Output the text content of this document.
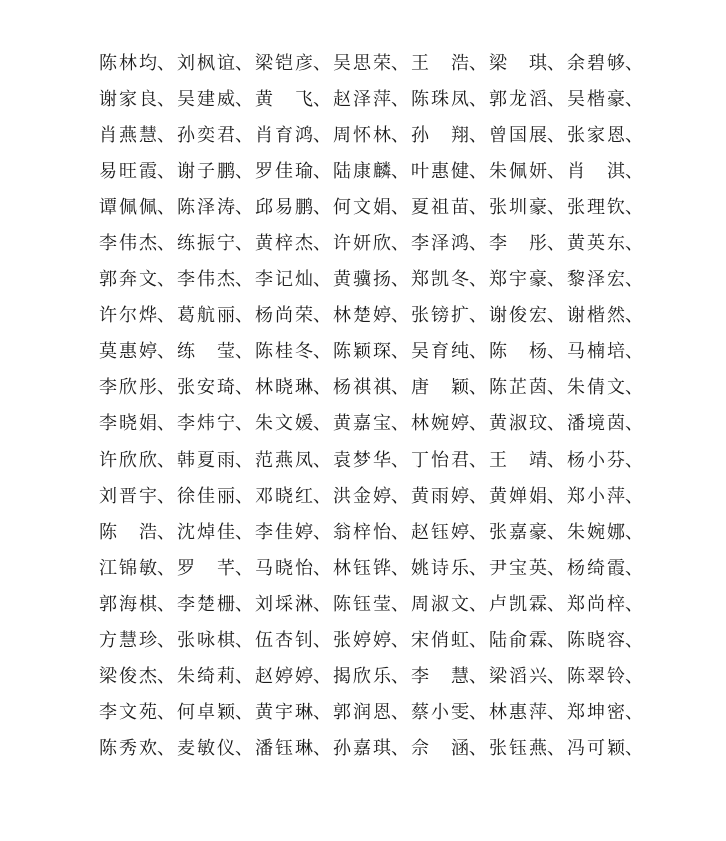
陈林均 、 刘枫谊 、 梁铠彦 、 吴思荣 、 王浩 、 梁琪 、 余碧够 、
谢家良 、 吴建威 、 黄飞 、 赵泽萍 、 陈珠凤 、 郭龙滔 、 吴楷豪 、
肖燕慧 、 孙奕君 、 肖育鸿 、 周怀林 、 孙翔 、 曾国展 、 张家恩 、
易旺霞 、 谢子鹏 、 罗佳瑜 、 陆康麟 、 叶惠健 、 朱佩妍 、 肖淇 、
谭佩佩 、 陈泽涛 、 邱易鹏 、 何文娟 、 夏祖苗 、 张圳豪 、 张理钦 、
李伟杰 、 练振宁 、 黄梓杰 、 许妍欣 、 李泽鸿 、 李彤 、 黄英东 、
郭奔文 、 李伟杰 、 李记灿 、 黄骥扬 、 郑凯冬 、 郑宇豪 、 黎泽宏 、
许尔烨 、 葛航丽 、 杨尚荣 、 林楚婷 、 张镑扩 、 谢俊宏 、 谢楷然 、
莫惠婷 、 练莹 、 陈桂冬 、 陈颖琛 、 吴育纯 、 陈杨 、 马楠培 、
李欣彤 、 张安琦 、 林晓琳 、 杨祺祺 、 唐颖 、 陈芷茵 、 朱倩文 、
李晓娟 、 李炜宁 、 朱文媛 、 黄嘉宝 、 林婉婷 、 黄淑玟 、 潘境茵 、
许欣欣 、 韩夏雨 、 范燕凤 、 袁梦华 、 丁怡君 、 王靖 、 杨小芬 、
刘晋宇 、 徐佳丽 、 邓晓红 、 洪金婷 、 黄雨婷 、 黄婵娟 、 郑小萍 、
陈浩 、 沈焯佳 、 李佳婷 、 翁梓怡 、 赵钰婷 、 张嘉豪 、 朱婉娜 、
江锦敏 、 罗芊 、 马晓怡 、 林钰铧 、 姚诗乐 、 尹宝英 、 杨绮霞 、
郭海棋 、 李楚栅 、 刘埰淋 、 陈钰莹 、 周淑文 、 卢凯霖 、 郑尚梓 、
方慧珍 、 张咏棋 、 伍杏钊 、 张婷婷 、 宋俏虹 、 陆俞霖 、 陈晓容 、
梁俊杰 、 朱绮莉 、 赵婷婷 、 揭欣乐 、 李慧 、 梁滔兴 、 陈翠铃 、
李文苑 、 何卓颖 、 黄宇琳 、 郭润恩 、 蔡小雯 、 林惠萍 、 郑坤密 、
陈秀欢 、 麦敏仪 、 潘钰琳 、 孙嘉琪 、 佘涵 、 张钰燕 、 冯可颖 、
